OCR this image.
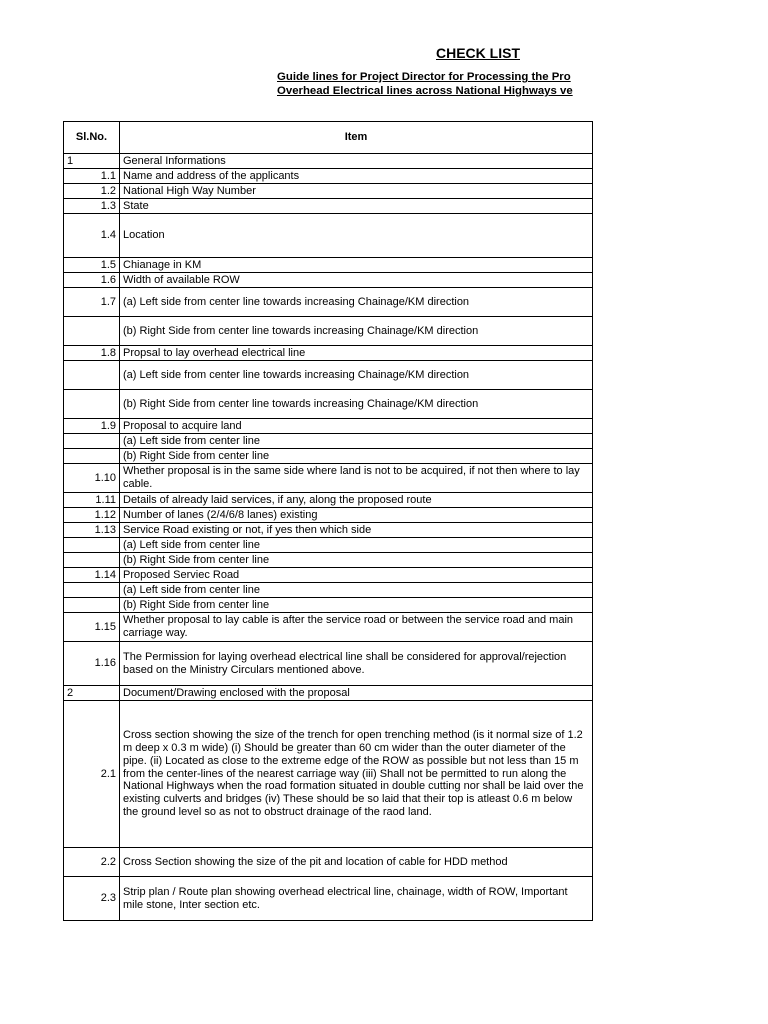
CHECK LIST
Guide lines for Project Director for Processing the Pro
Overhead Electrical lines across National Highways ve
Sl.No.	Item
1	General Informations
1.1	Name and address of the applicants
1.2	National High Way Number
1.3	State
1.4	Location
1.5	Chianage in KM
1.6	Width of available ROW
1.7	(a) Left side from center line towards increasing Chainage/KM direction
	(b) Right Side from center line towards increasing Chainage/KM direction
1.8	Propsal to lay overhead electrical line
	(a) Left side from center line towards increasing Chainage/KM direction
	(b) Right Side from center line towards increasing Chainage/KM direction
1.9	Proposal to acquire land
	(a) Left side from center line
	(b) Right Side from center line
1.10	Whether proposal is in the same side where land is not to be acquired, if not then where to lay cable.
1.11	Details of already laid services, if any, along the proposed route
1.12	Number of lanes (2/4/6/8 lanes) existing
1.13	Service Road existing or not, if yes then which side
	(a) Left side from center line
	(b) Right Side from center line
1.14	Proposed Serviec Road
	(a) Left side from center line
	(b) Right Side from center line
1.15	Whether proposal to lay cable is after the service road or between the service road and main carriage way.
1.16	The Permission for laying overhead electrical line shall be considered for approval/rejection based on the Ministry Circulars mentioned above.
2	Document/Drawing enclosed with the proposal
2.1	Cross section showing the size of the trench for open trenching method (is it normal size of 1.2 m deep x 0.3 m wide) (i) Should be greater than 60 cm wider than the outer diameter of the pipe. (ii) Located as close to the extreme edge of the ROW as possible but not less than 15 m from the center-lines of the nearest carriage way (iii) Shall not be permitted to run along the National Highways when the road formation situated in double cutting nor shall be laid over the existing culverts and bridges (iv) These should be so laid that their top is atleast 0.6 m below the ground level so as not to obstruct drainage of the raod land.
2.2	Cross Section showing the size of the pit and location of cable for HDD method
2.3	Strip plan / Route plan showing overhead electrical line, chainage, width of ROW, Important mile stone, Inter section etc.
